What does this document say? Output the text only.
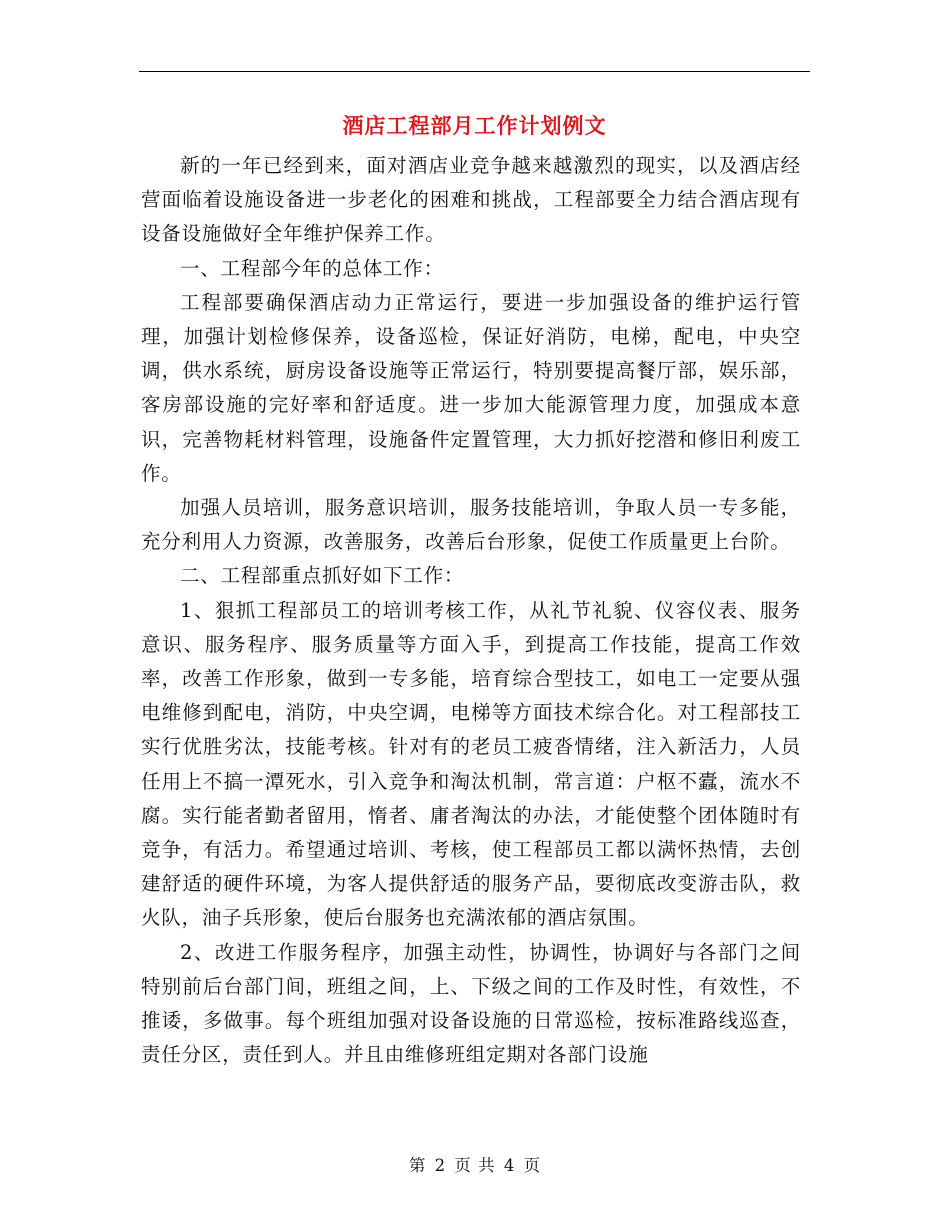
酒店工程部月工作计划例文

新的一年已经到来，面对酒店业竞争越来越激烈的现实，以及酒店经营面临着设施设备进一步老化的困难和挑战，工程部要全力结合酒店现有设备设施做好全年维护保养工作。

一、工程部今年的总体工作：

工程部要确保酒店动力正常运行，要进一步加强设备的维护运行管理，加强计划检修保养，设备巡检，保证好消防，电梯，配电，中央空调，供水系统，厨房设备设施等正常运行，特别要提高餐厅部，娱乐部，客房部设施的完好率和舒适度。进一步加大能源管理力度，加强成本意识，完善物耗材料管理，设施备件定置管理，大力抓好挖潜和修旧利废工作。

加强人员培训，服务意识培训，服务技能培训，争取人员一专多能，充分利用人力资源，改善服务，改善后台形象，促使工作质量更上台阶。

二、工程部重点抓好如下工作：

1、狠抓工程部员工的培训考核工作，从礼节礼貌、仪容仪表、服务意识、服务程序、服务质量等方面入手，到提高工作技能，提高工作效率，改善工作形象，做到一专多能，培育综合型技工，如电工一定要从强电维修到配电，消防，中央空调，电梯等方面技术综合化。对工程部技工实行优胜劣汰，技能考核。针对有的老员工疲沓情绪，注入新活力，人员任用上不搞一潭死水，引入竞争和淘汰机制，常言道：户枢不蠹，流水不腐。实行能者勤者留用，惰者、庸者淘汰的办法，才能使整个团体随时有竞争，有活力。希望通过培训、考核，使工程部员工都以满怀热情，去创建舒适的硬件环境，为客人提供舒适的服务产品，要彻底改变游击队，救火队，油子兵形象，使后台服务也充满浓郁的酒店氛围。

2、改进工作服务程序，加强主动性，协调性，协调好与各部门之间特别前后台部门间，班组之间，上、下级之间的工作及时性，有效性，不推诿，多做事。每个班组加强对设备设施的日常巡检，按标准路线巡查，责任分区，责任到人。并且由维修班组定期对各部门设施

第 2 页 共 4 页
